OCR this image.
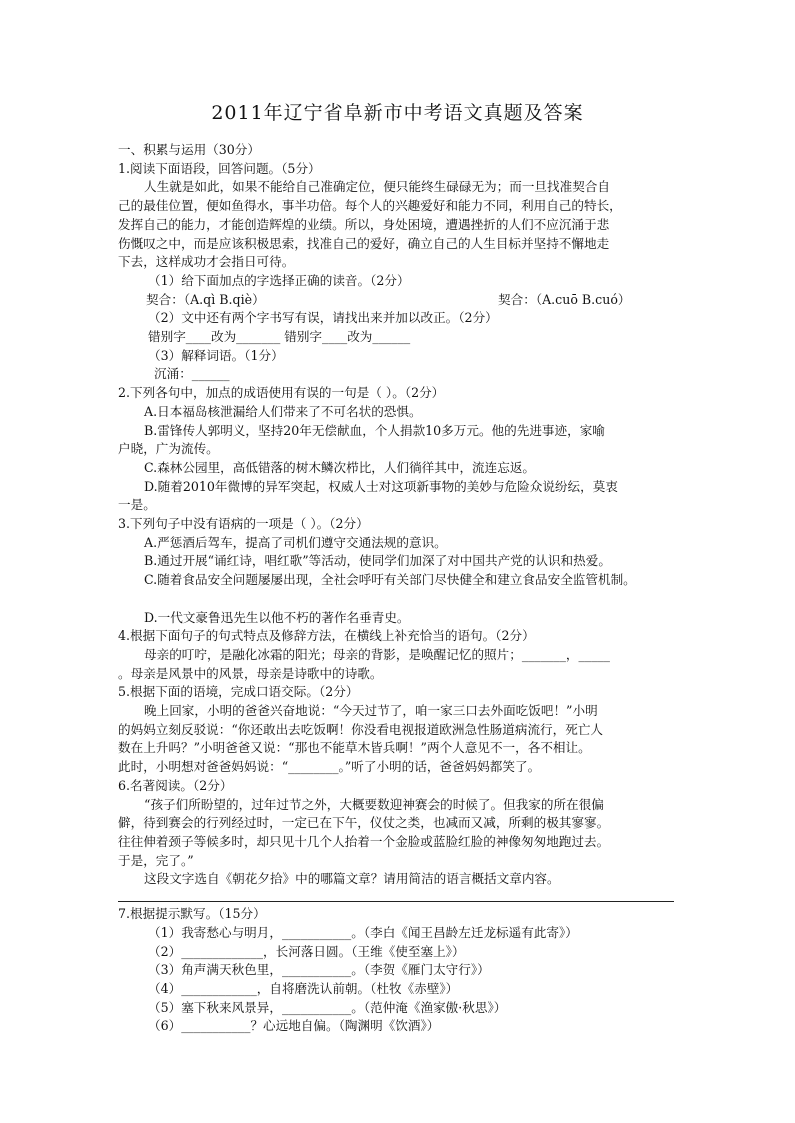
2011年辽宁省阜新市中考语文真题及答案

一、积累与运用（30分）

1.阅读下面语段，回答问题。（5分）

人生就是如此，如果不能给自己准确定位，便只能终生碌碌无为；而一旦找准契合自

己的最佳位置，便如鱼得水，事半功倍。每个人的兴趣爱好和能力不同，利用自己的特长，

发挥自己的能力，才能创造辉煌的业绩。所以，身处困境，遭遇挫折的人们不应沉涌于悲

伤慨叹之中，而是应该积极思索，找准自己的爱好，确立自己的人生目标并坚持不懈地走

下去，这样成功才会指日可待。

（1）给下面加点的字选择正确的读音。（2分）

契合：（A.qì B.qiè）	契合：（A.cuō B.cuó）

（2）文中还有两个字书写有误，请找出来并加以改正。（2分）

错别字____改为_______ 错别字____改为______

（3）解释词语。（1分）

沉涌：______

2.下列各句中，加点的成语使用有误的一句是（ ）。（2分）

A.日本福岛核泄漏给人们带来了不可名状的恐惧。

B.雷锋传人郭明义，坚持20年无偿献血，个人捐款10多万元。他的先进事迹，家喻

户晓，广为流传。

C.森林公园里，高低错落的树木鳞次栉比，人们徜徉其中，流连忘返。

D.随着2010年微博的异军突起，权威人士对这项新事物的美妙与危险众说纷纭，莫衷

一是。

3.下列句子中没有语病的一项是（ ）。（2分）

A.严惩酒后驾车，提高了司机们遵守交通法规的意识。

B.通过开展“诵红诗，唱红歌”等活动，使同学们加深了对中国共产党的认识和热爱。

C.随着食品安全问题屡屡出现，全社会呼吁有关部门尽快健全和建立食品安全监管机制。

D.一代文豪鲁迅先生以他不朽的著作名垂青史。

4.根据下面句子的句式特点及修辞方法，在横线上补充恰当的语句。（2分）

母亲的叮咛，是融化冰霜的阳光；母亲的背影，是唤醒记忆的照片；_______，_____

。母亲是风景中的风景，母亲是诗歌中的诗歌。

5.根据下面的语境，完成口语交际。（2分）

晚上回家，小明的爸爸兴奋地说：“今天过节了，咱一家三口去外面吃饭吧！”小明

的妈妈立刻反驳说：“你还敢出去吃饭啊！你没看电视报道欧洲急性肠道病流行，死亡人

数在上升吗？”小明爸爸又说：“那也不能草木皆兵啊！”两个人意见不一，各不相让。

此时，小明想对爸爸妈妈说：“________。”听了小明的话，爸爸妈妈都笑了。

6.名著阅读。（2分）

“孩子们所盼望的，过年过节之外，大概要数迎神赛会的时候了。但我家的所在很偏

僻，待到赛会的行列经过时，一定已在下午，仪仗之类，也减而又减，所剩的极其寥寥。

往往伸着颈子等候多时，却只见十几个人抬着一个金脸或蓝脸红脸的神像匆匆地跑过去。

于是，完了。”

这段文字选自《朝花夕拾》中的哪篇文章？请用简洁的语言概括文章内容。

7.根据提示默写。（15分）

（1）我寄愁心与明月，___________。（李白《闻王昌龄左迁龙标遥有此寄》）

（2）_____________，长河落日圆。（王维《使至塞上》）

（3）角声满天秋色里，___________。（李贺《雁门太守行》）

（4）____________，自将磨洗认前朝。（杜牧《赤壁》）

（5）塞下秋来风景异，___________。（范仲淹《渔家傲·秋思》）

（6）___________？心远地自偏。（陶渊明《饮酒》）
